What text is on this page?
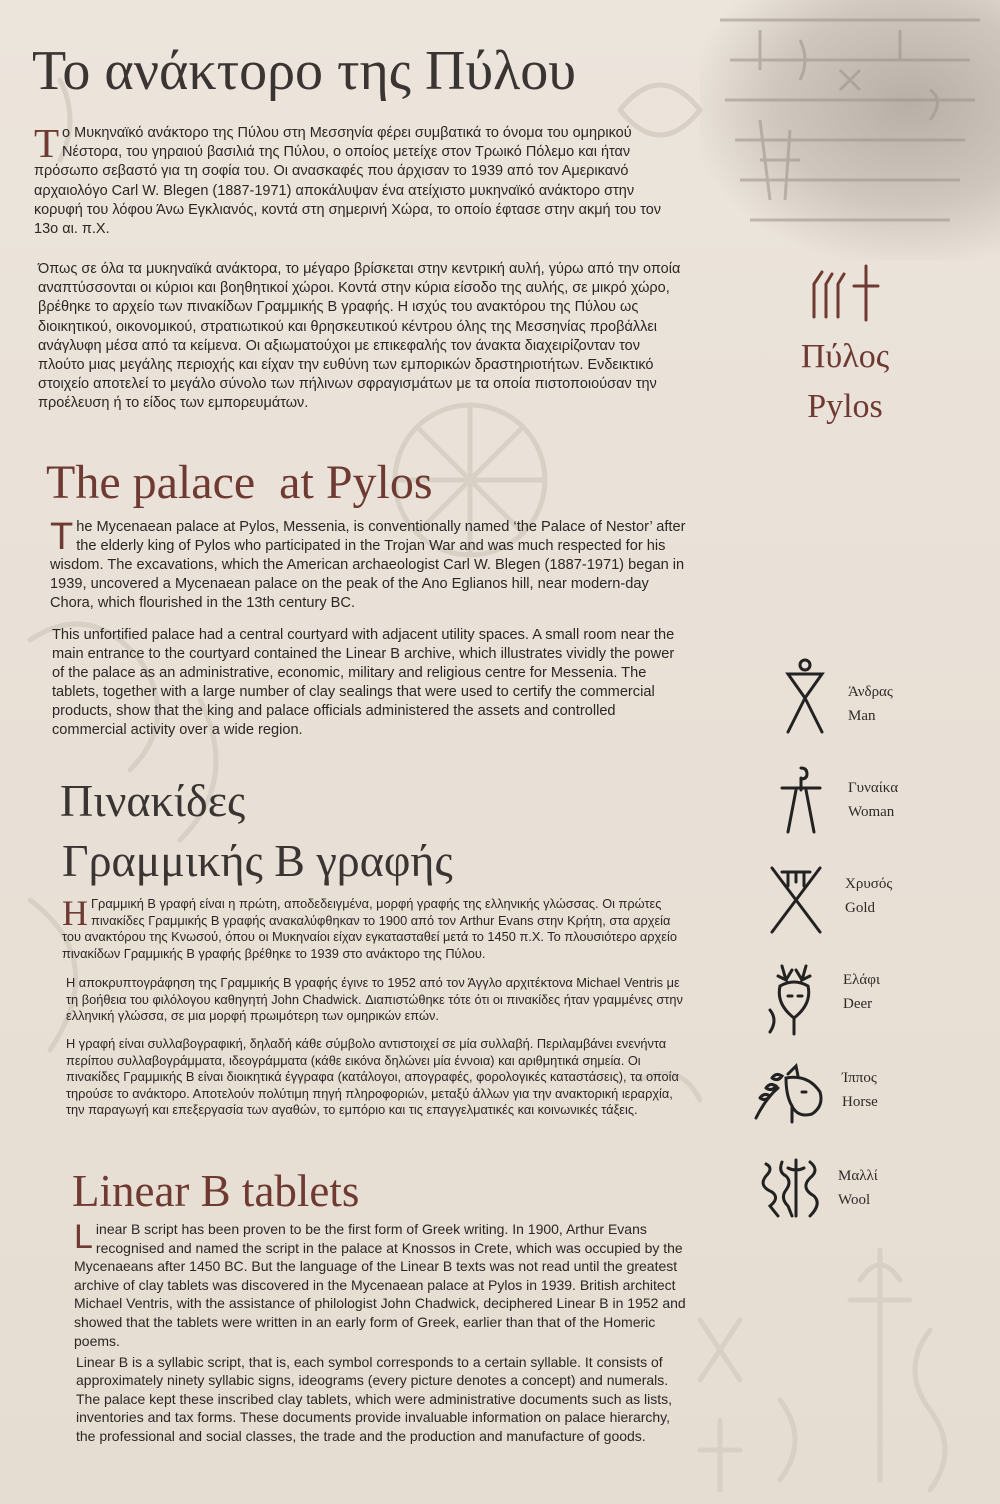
Το ανάκτορο της Πύλου

Το Μυκηναϊκό ανάκτορο της Πύλου στη Μεσσηνία φέρει συμβατικά το όνομα του ομηρικού Νέστορα, του γηραιού βασιλιά της Πύλου, ο οποίος μετείχε στον Τρωικό Πόλεμο και ήταν πρόσωπο σεβαστό για τη σοφία του. Οι ανασκαφές που άρχισαν το 1939 από τον Αμερικανό αρχαιολόγο Carl W. Blegen (1887-1971) αποκάλυψαν ένα ατείχιστο μυκηναϊκό ανάκτορο στην κορυφή του λόφου Άνω Εγκλιανός, κοντά στη σημερινή Χώρα, το οποίο έφτασε στην ακμή του τον 13ο αι. π.Χ.

Όπως σε όλα τα μυκηναϊκά ανάκτορα, το μέγαρο βρίσκεται στην κεντρική αυλή, γύρω από την οποία αναπτύσσονται οι κύριοι και βοηθητικοί χώροι. Κοντά στην κύρια είσοδο της αυλής, σε μικρό χώρο, βρέθηκε το αρχείο των πινακίδων Γραμμικής Β γραφής. Η ισχύς του ανακτόρου της Πύλου ως διοικητικού, οικονομικού, στρατιωτικού και θρησκευτικού κέντρου όλης της Μεσσηνίας προβάλλει ανάγλυφη μέσα από τα κείμενα. Οι αξιωματούχοι με επικεφαλής τον άνακτα διαχειρίζονταν τον πλούτο μιας μεγάλης περιοχής και είχαν την ευθύνη των εμπορικών δραστηριοτήτων. Ενδεικτικό στοιχείο αποτελεί το μεγάλο σύνολο των πήλινων σφραγισμάτων με τα οποία πιστοποιούσαν την προέλευση ή το είδος των εμπορευμάτων.

The palace  at Pylos

The Mycenaean palace at Pylos, Messenia, is conventionally named ‘the Palace of Nestor’ after the elderly king of Pylos who participated in the Trojan War and was much respected for his wisdom. The excavations, which the American archaeologist Carl W. Blegen (1887-1971) began in 1939, uncovered a Mycenaean palace on the peak of the Ano Eglianos hill, near modern-day Chora, which flourished in the 13th century BC.

This unfortified palace had a central courtyard with adjacent utility spaces. A small room near the main entrance to the courtyard contained the Linear B archive, which illustrates vividly the power of the palace as an administrative, economic, military and religious centre for Messenia. The tablets, together with a large number of clay sealings that were used to certify the commercial products, show that the king and palace officials administered the assets and controlled commercial activity over a wide region.

Πινακίδες
Γραμμικής Β γραφής

Η Γραμμική Β γραφή είναι η πρώτη, αποδεδειγμένα, μορφή γραφής της ελληνικής γλώσσας. Οι πρώτες πινακίδες Γραμμικής Β γραφής ανακαλύφθηκαν το 1900 από τον Arthur Evans στην Κρήτη, στα αρχεία του ανακτόρου της Κνωσού, όπου οι Μυκηναίοι είχαν εγκατασταθεί μετά το 1450 π.Χ. Το πλουσιότερο αρχείο πινακίδων Γραμμικής Β γραφής βρέθηκε το 1939 στο ανάκτορο της Πύλου.

Η αποκρυπτογράφηση της Γραμμικής Β γραφής έγινε το 1952 από τον Άγγλο αρχιτέκτονα Michael Ventris με τη βοήθεια του φιλόλογου καθηγητή John Chadwick. Διαπιστώθηκε τότε ότι οι πινακίδες ήταν γραμμένες στην ελληνική γλώσσα, σε μια μορφή πρωιμότερη των ομηρικών επών.

Η γραφή είναι συλλαβογραφική, δηλαδή κάθε σύμβολο αντιστοιχεί σε μία συλλαβή. Περιλαμβάνει ενενήντα περίπου συλλαβογράμματα, ιδεογράμματα (κάθε εικόνα δηλώνει μία έννοια) και αριθμητικά σημεία. Οι πινακίδες Γραμμικής Β είναι διοικητικά έγγραφα (κατάλογοι, απογραφές, φορολογικές καταστάσεις), τα οποία τηρούσε το ανάκτορο. Αποτελούν πολύτιμη πηγή πληροφοριών, μεταξύ άλλων για την ανακτορική ιεραρχία, την παραγωγή και επεξεργασία των αγαθών, το εμπόριο και τις επαγγελματικές και κοινωνικές τάξεις.

Linear B tablets

Linear B script has been proven to be the first form of Greek writing. In 1900, Arthur Evans recognised and named the script in the palace at Knossos in Crete, which was occupied by the Mycenaeans after 1450 BC. But the language of the Linear B texts was not read until the greatest archive of clay tablets was discovered in the Mycenaean palace at Pylos in 1939. British architect Michael Ventris, with the assistance of philologist John Chadwick, deciphered Linear B in 1952 and showed that the tablets were written in an early form of Greek, earlier than that of the Homeric poems.

Linear B is a syllabic script, that is, each symbol corresponds to a certain syllable. It consists of approximately ninety syllabic signs, ideograms (every picture denotes a concept) and numerals. The palace kept these inscribed clay tablets, which were administrative documents such as lists, inventories and tax forms. These documents provide invaluable information on palace hierarchy, the professional and social classes, the trade and the production and manufacture of goods.

Πύλος
Pylos
Άνδρας
Man
Γυναίκα
Woman
Χρυσός
Gold
Ελάφι
Deer
Ίππος
Horse
Μαλλί
Wool
